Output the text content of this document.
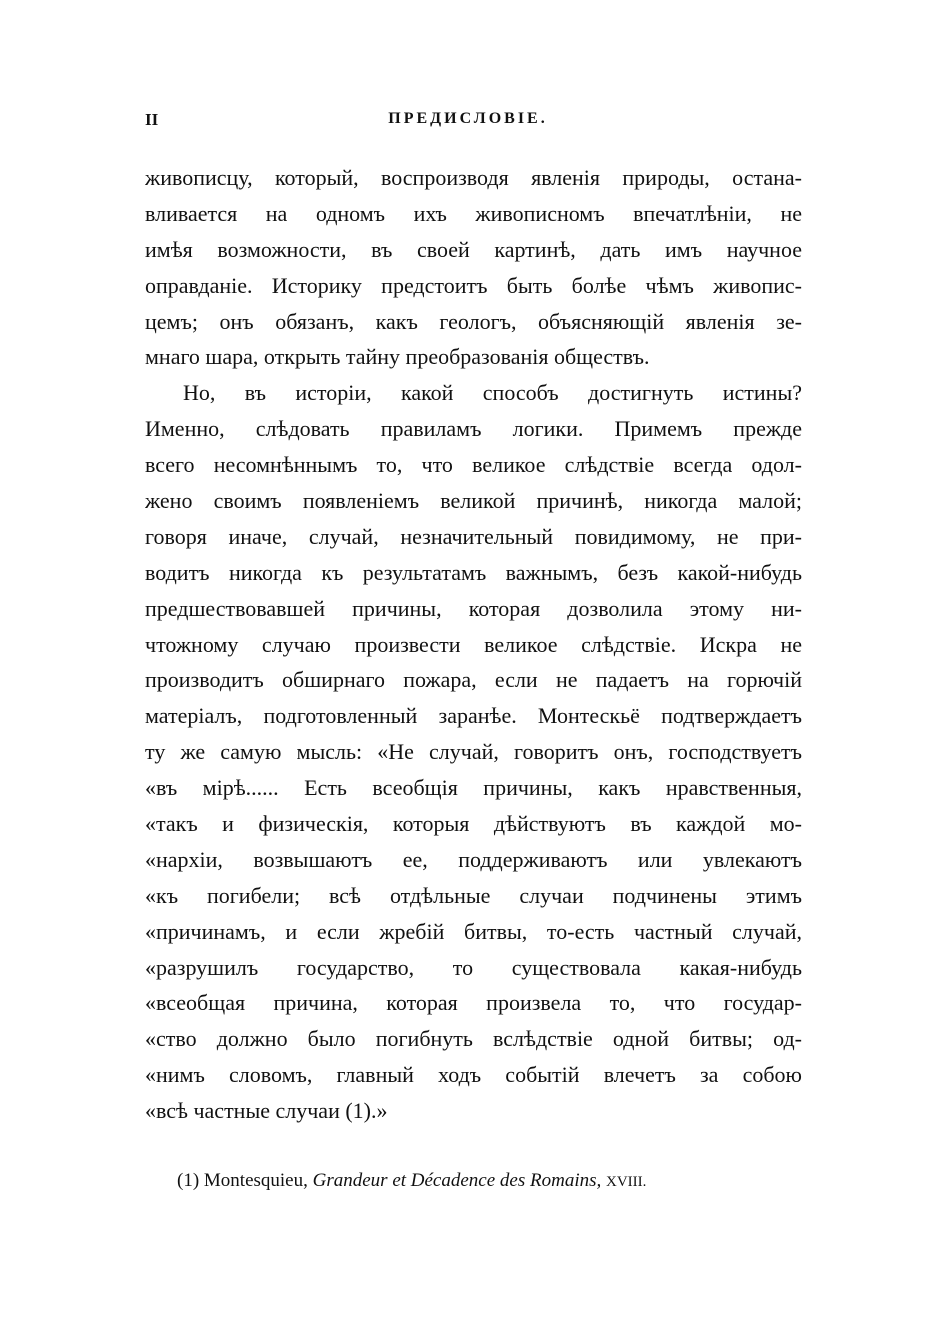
II	ПРЕДИСЛОВІЕ.
живописцу, который, воспроизводя явленія природы, остана-
вливается на одномъ ихъ живописномъ впечатлѣніи, не
имѣя возможности, въ своей картинѣ, дать имъ научное
оправданіе. Историку предстоитъ быть болѣе чѣмъ живопис-
цемъ; онъ обязанъ, какъ геологъ, объясняющій явленія зе-
мнаго шара, открыть тайну преобразованія обществъ.
Но, въ исторіи, какой способъ достигнуть истины?
Именно, слѣдовать правиламъ логики. Примемъ прежде
всего несомнѣннымъ то, что великое слѣдствіе всегда одол-
жено своимъ появленіемъ великой причинѣ, никогда малой;
говоря иначе, случай, незначительный повидимому, не при-
водитъ никогда къ результатамъ важнымъ, безъ какой-нибудь
предшествовавшей причины, которая дозволила этому ни-
чтожному случаю произвести великое слѣдствіе. Искра не
производитъ обширнаго пожара, если не падаетъ на горючій
матеріалъ, подготовленный заранѣе. Монтескьё подтверждаетъ
ту же самую мысль: «Не случай, говоритъ онъ, господствуетъ
«въ мірѣ...... Есть всеобщія причины, какъ нравственныя,
«такъ и физическія, которыя дѣйствуютъ въ каждой мо-
«нархіи, возвышаютъ ее, поддерживаютъ или увлекаютъ
«къ погибели; всѣ отдѣльные случаи подчинены этимъ
«причинамъ, и если жребій битвы, то-есть частный случай,
«разрушилъ государство, то существовала какая-нибудь
«всеобщая причина, которая произвела то, что государ-
«ство должно было погибнуть вслѣдствіе одной битвы; од-
«нимъ словомъ, главный ходъ событій влечетъ за собою
«всѣ частные случаи (1).»
(1) Montesquieu, Grandeur et Décadence des Romains, XVIII.
